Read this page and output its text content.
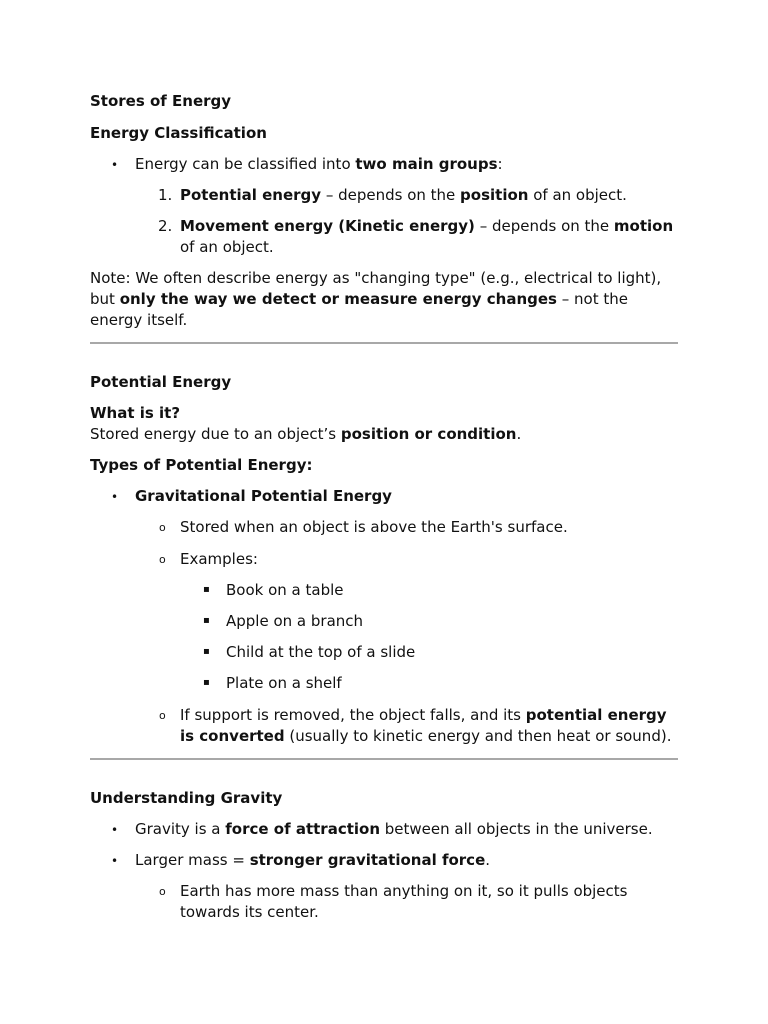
Stores of Energy
Energy Classification
• Energy can be classified into two main groups:
1. Potential energy – depends on the position of an object.
2. Movement energy (Kinetic energy) – depends on the motion
of an object.
Note: We often describe energy as "changing type" (e.g., electrical to light),
but only the way we detect or measure energy changes – not the
energy itself.
Potential Energy
What is it?
Stored energy due to an object’s position or condition.
Types of Potential Energy:
• Gravitational Potential Energy
o Stored when an object is above the Earth's surface.
o Examples:
▪ Book on a table
▪ Apple on a branch
▪ Child at the top of a slide
▪ Plate on a shelf
o If support is removed, the object falls, and its potential energy
is converted (usually to kinetic energy and then heat or sound).
Understanding Gravity
• Gravity is a force of attraction between all objects in the universe.
• Larger mass = stronger gravitational force.
o Earth has more mass than anything on it, so it pulls objects
towards its center.
